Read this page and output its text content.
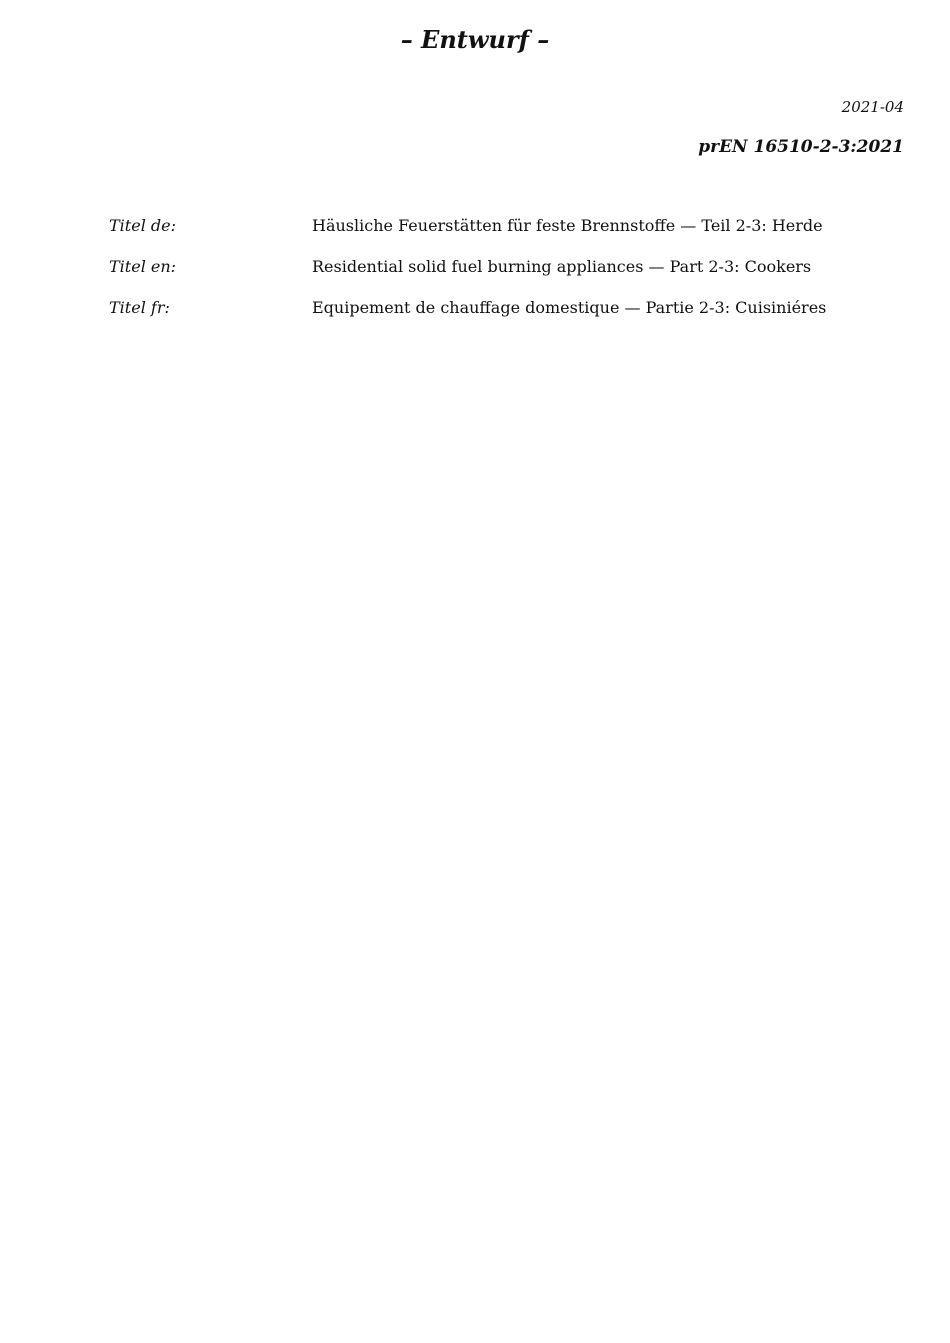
– Entwurf –
2021-04
prEN 16510-2-3:2021
Titel de:	Häusliche Feuerstätten für feste Brennstoffe — Teil 2-3: Herde
Titel en:	Residential solid fuel burning appliances — Part 2-3: Cookers
Titel fr:	Equipement de chauffage domestique — Partie 2-3: Cuisiniéres
